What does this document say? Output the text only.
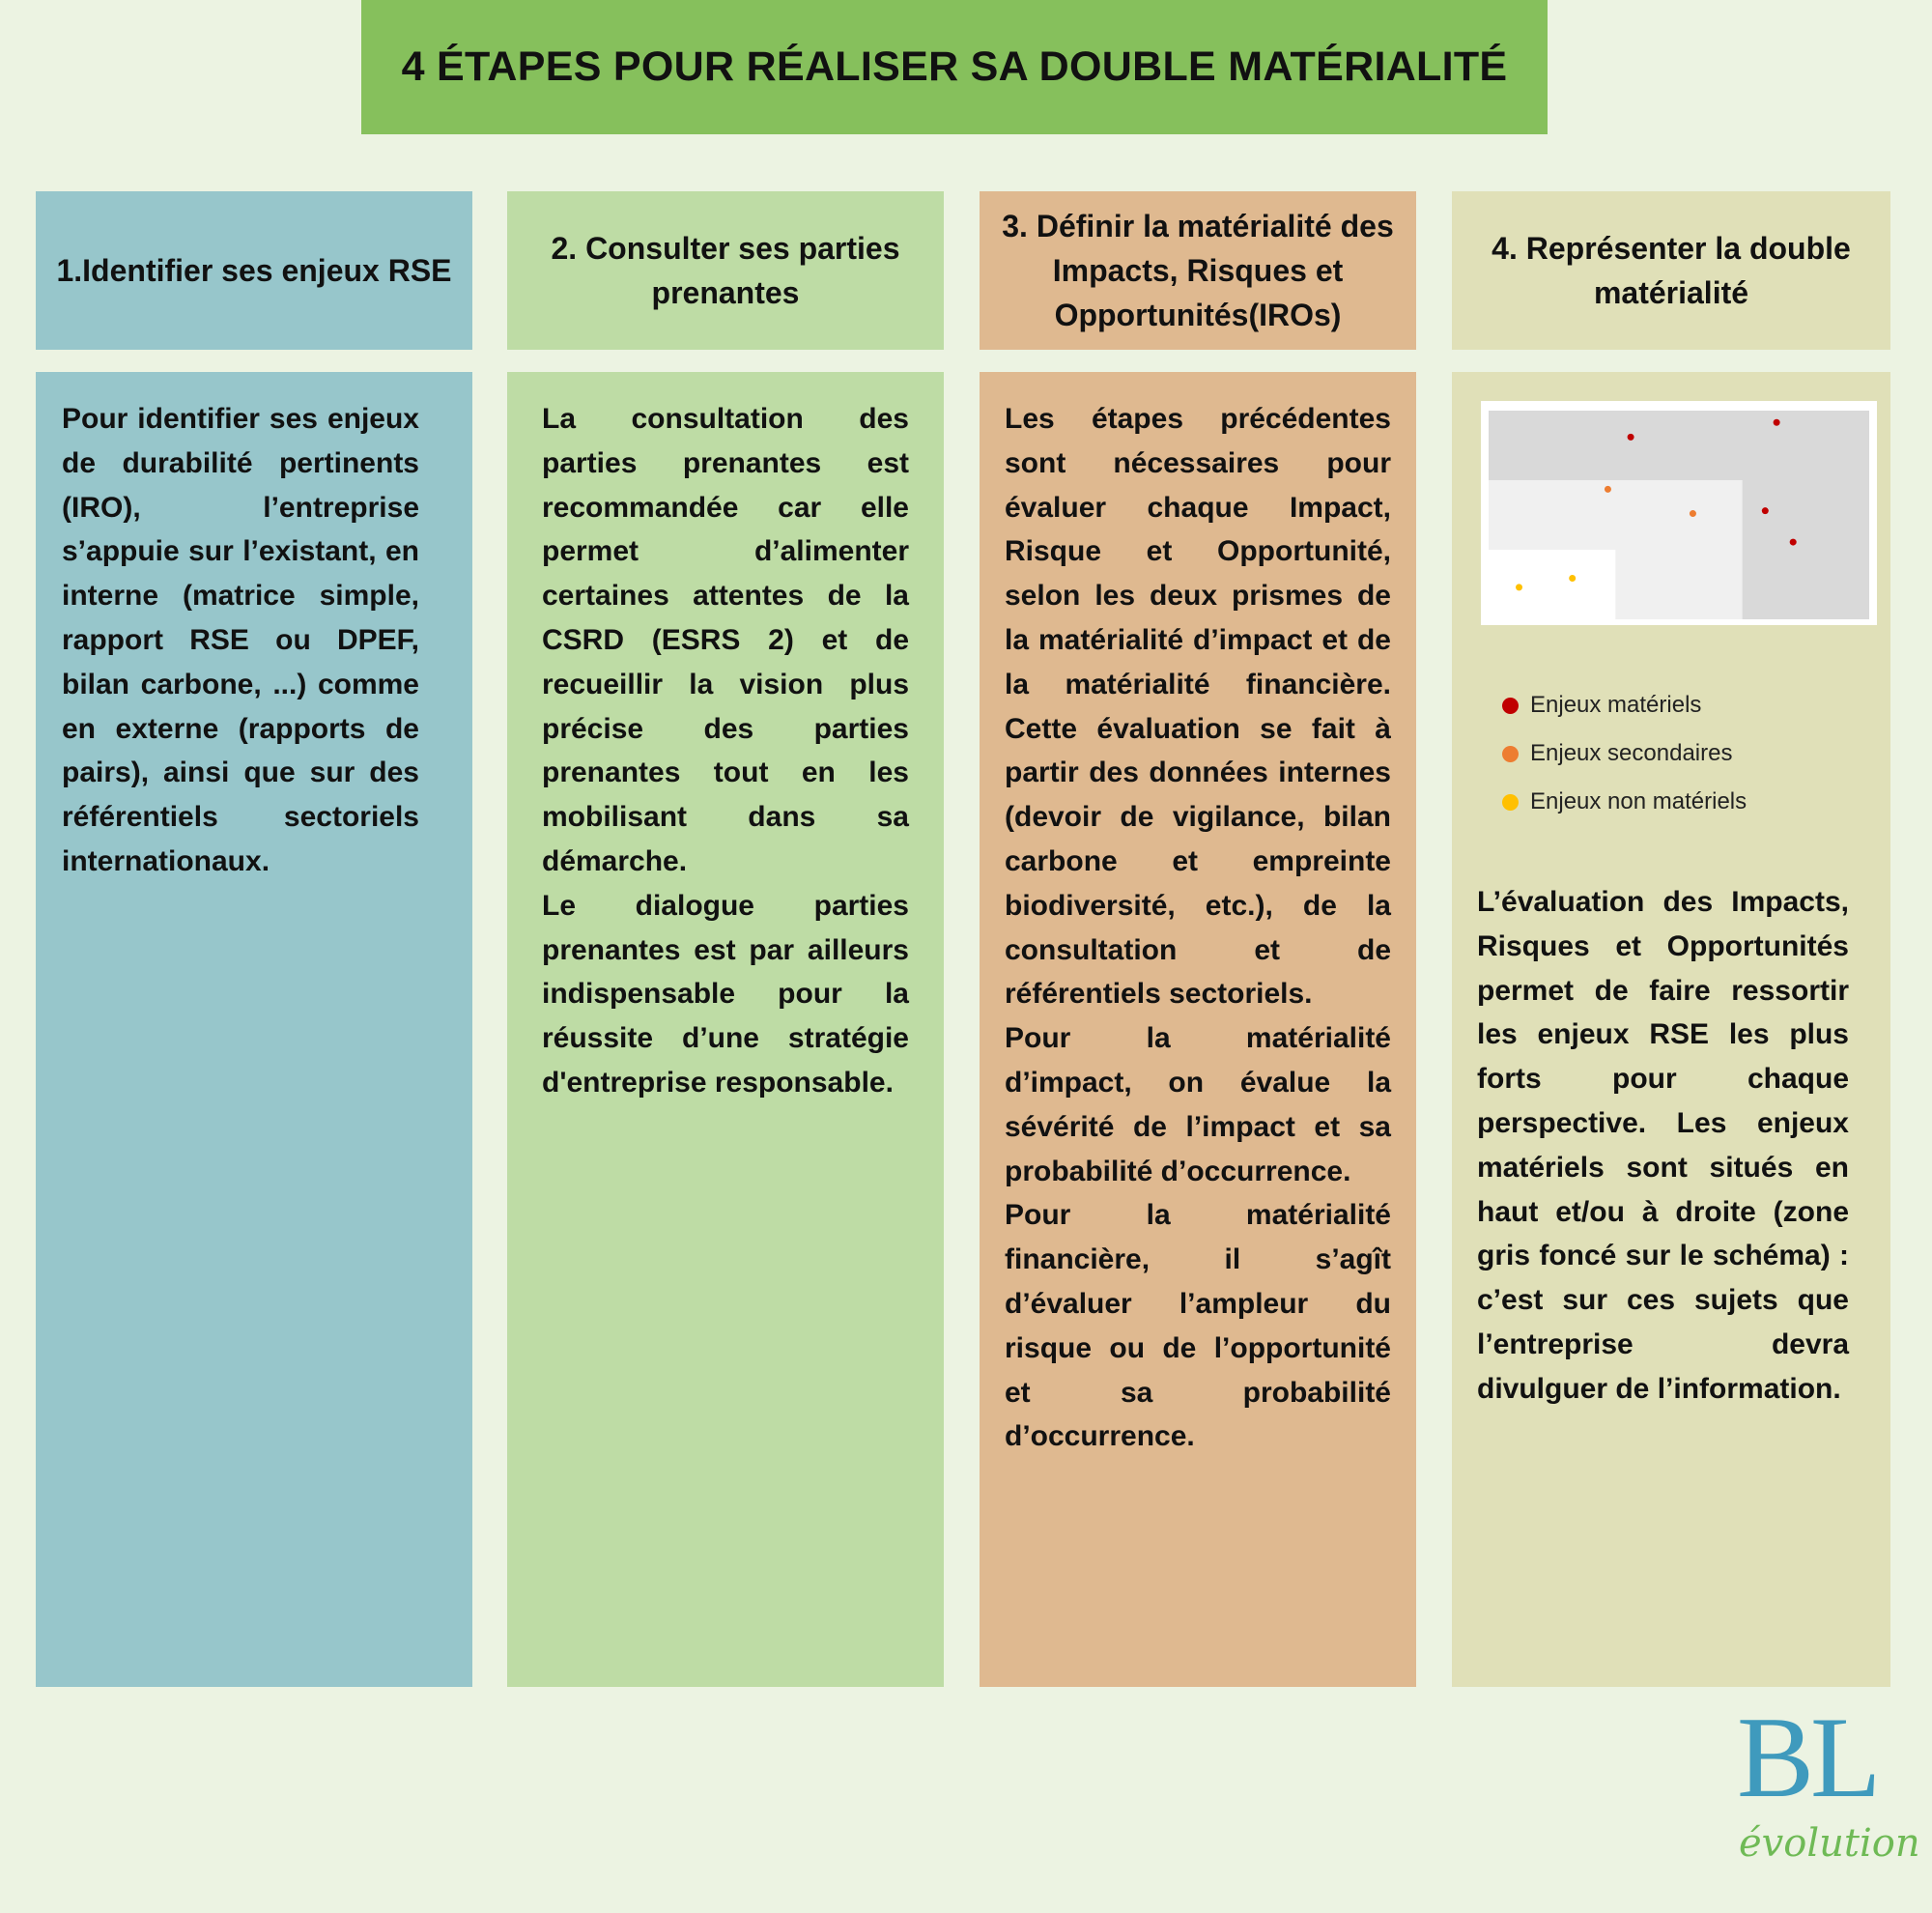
4 ÉTAPES POUR RÉALISER SA DOUBLE MATÉRIALITÉ
1.Identifier ses enjeux RSE
2. Consulter ses parties prenantes
3. Définir la matérialité des Impacts, Risques et Opportunités(IROs)
4. Représenter la double matérialité

Pour identifier ses enjeux de durabilité pertinents (IRO), l’entreprise s’appuie sur l’existant, en interne (matrice simple, rapport RSE ou DPEF, bilan carbone, ...) comme en externe (rapports de pairs), ainsi que sur des référentiels sectoriels internationaux.

La consultation des parties prenantes est recommandée car elle permet d’alimenter certaines attentes de la CSRD (ESRS 2) et de recueillir la vision plus précise des parties prenantes tout en les mobilisant dans sa démarche.

Le dialogue parties prenantes est par ailleurs indispensable pour la réussite d’une stratégie d'entreprise responsable.

Les étapes précédentes sont nécessaires pour évaluer chaque Impact, Risque et Opportunité, selon les deux prismes de la matérialité d’impact et de la matérialité financière. Cette évaluation se fait à partir des données internes (devoir de vigilance, bilan carbone et empreinte biodiversité, etc.), de la consultation et de référentiels sectoriels.

Pour la matérialité d’impact, on évalue la sévérité de l’impact et sa probabilité d’occurrence.

Pour la matérialité financière, il s’agît d’évaluer l’ampleur du risque ou de l’opportunité et sa probabilité d’occurrence.

Enjeux matériels
Enjeux secondaires
Enjeux non matériels

L’évaluation des Impacts, Risques et Opportunités permet de faire ressortir les enjeux RSE les plus forts pour chaque perspective. Les enjeux matériels sont situés en haut et/ou à droite (zone gris foncé sur le schéma) : c’est sur ces sujets que l’entreprise devra divulguer de l’information.

BL
évolution
